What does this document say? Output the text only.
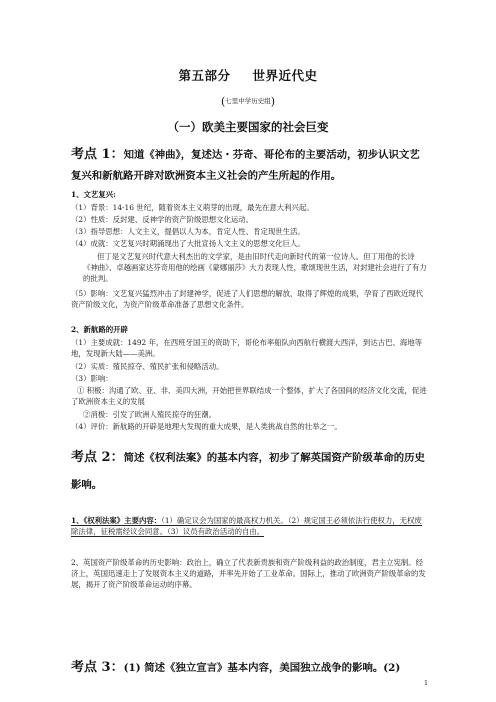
第五部分 世界近代史
(七里中学历史组)
（一）欧美主要国家的社会巨变
考点 1：知道《神曲》，复述达・芬奇、哥伦布的主要活动，初步认识文艺复兴和新航路开辟对欧洲资本主义社会的产生所起的作用。
1、文艺复兴:
（1）背景：14-16 世纪，随着资本主义萌芽的出现，最先在意大利兴起。
（2）性质：反封建、反神学的资产阶级思想文化运动。
（3）指导思想：人文主义，提倡以人为本，肯定人性、肯定现世生活。
（4）成就：文艺复兴时期涌现出了大批宣扬人文主义的思想文化巨人。
但丁是文艺复兴时代意大利杰出的文学家，是由旧时代走向新时代的第一位诗人。但丁用他的长诗《神曲》、卓越画家达芬奇用他的绘画《蒙娜丽莎》大力表现人性，歌颂现世生活，对封建社会进行了有力的批判。
（5）影响：文艺复兴猛烈冲击了封建神学，促进了人们思想的解放，取得了辉煌的成果，孕育了西欧近现代资产阶级文化，为资产阶级革命准备了思想文化条件。
2、新航路的开辟
（1）主要成就：1492 年，在西班牙国王的资助下，哥伦布率船队向西航行横渡大西洋，到达古巴、海地等地，发现新大陆——美洲。
（2）实质：殖民掠夺、殖民扩张和侵略活动。
（3）影响：
① 积极：沟通了欧、亚、非、美四大洲，开始把世界联结成一个整体，扩大了各国间的经济文化交流，促进了欧洲资本主义的发展
②消极：引发了欧洲人殖民掠夺的狂潮。
（4）评价：新航路的开辟是地理大发现的重大成果，是人类挑战自然的壮举之一。
考点 2：简述《权利法案》的基本内容，初步了解英国资产阶级革命的历史影响。
1、《权利法案》主要内容：（1）确定议会为国家的最高权力机关。（2）规定国王必须依法行使权力，无权废除法律，征税需经议会同意。（3）议员有政治活动的自由。
2、英国资产阶级革命的历史影响：政治上，确立了代表新贵族和资产阶级利益的政治制度，君主立宪制。经济上，英国迅速走上了发展资本主义的道路，并率先开始了工业革命。国际上，推动了欧洲资产阶级革命的发展，揭开了资产阶级革命运动的序幕。
考点 3：(1) 简述《独立宣言》基本内容，美国独立战争的影响。(2)
1
